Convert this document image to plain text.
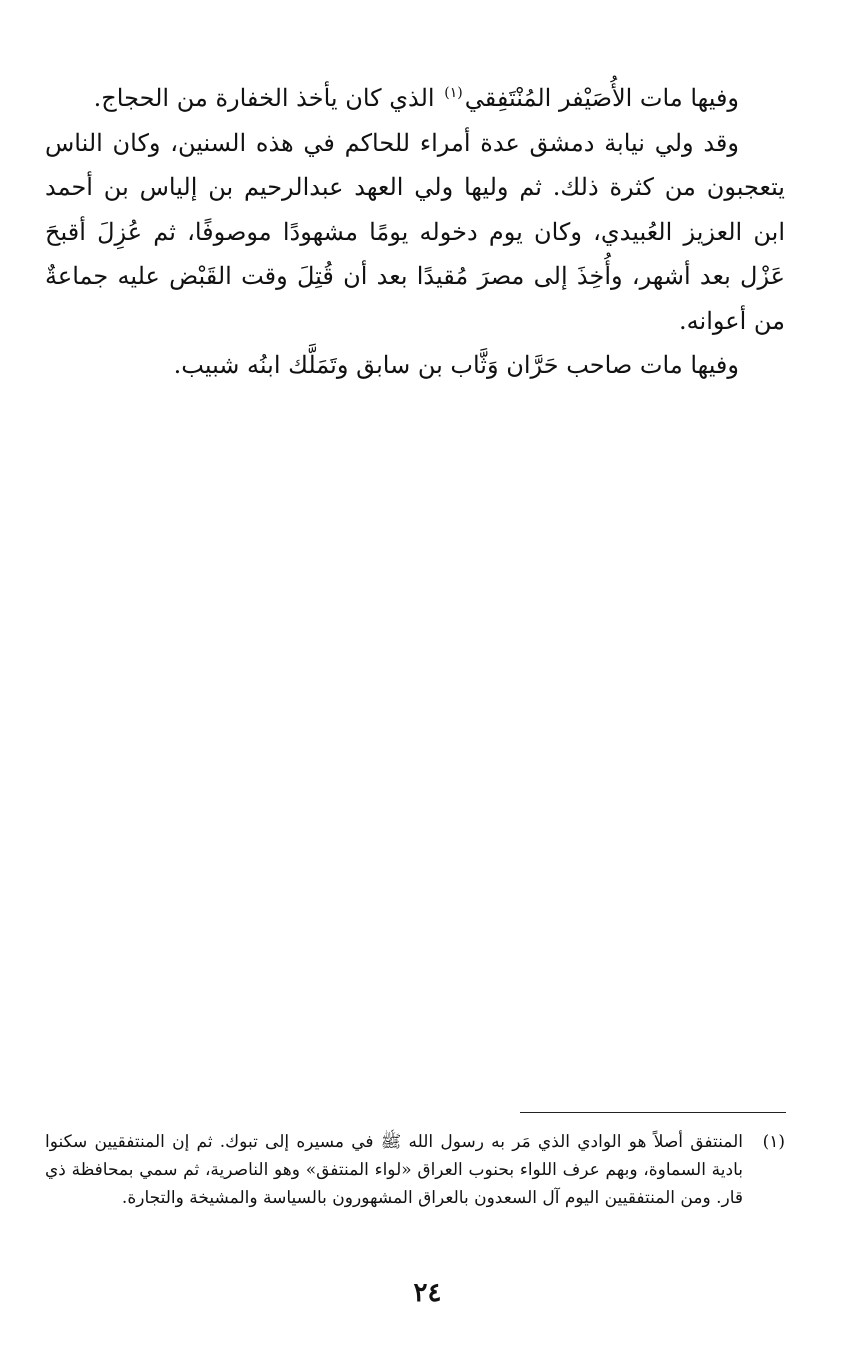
وفيها مات الأُصَيْفر المُنْتَفِقي$^{(١)}$ الذي كان يأخذ الخفارة من الحجاج.

وقد ولي نيابة دمشق عدة أمراء للحاكم في هذه السنين، وكان الناس يتعجبون من كثرة ذلك. ثم وليها ولي العهد عبدالرحيم بن إلياس بن أحمد ابن العزيز العُبيدي، وكان يوم دخوله يومًا مشهودًا موصوفًا، ثم عُزِلَ أقبحَ عَزْل بعد أشهر، وأُخِذَ إلى مصرَ مُقيدًا بعد أن قُتِلَ وقت القَبْض عليه جماعةٌ من أعوانه.

وفيها مات صاحب حَرَّان وَثَّاب بن سابق وتَمَلَّك ابنُه شبيب.

(١)
المنتفق أصلاً هو الوادي الذي مَر به رسول الله ﷺ في مسيره إلى تبوك. ثم إن المنتفقيين سكنوا بادية السماوة، وبهم عرف اللواء بحنوب العراق «لواء المنتفق» وهو الناصرية، ثم سمي بمحافظة ذي قار. ومن المنتفقيين اليوم آل السعدون بالعراق المشهورون بالسياسة والمشيخة والتجارة.
٢٤
